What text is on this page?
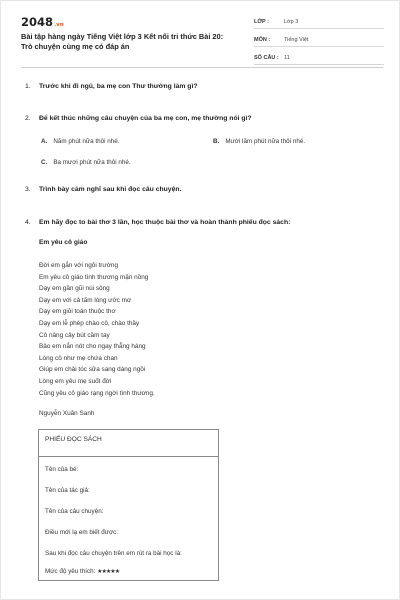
2048.vn
Bài tập hàng ngày Tiếng Việt lớp 3 Kết nối tri thức Bài 20:
Trò chuyện cùng mẹ có đáp án
LỚP :	Lớp 3
MÔN :	Tiếng Việt
SỐ CÂU : 11
1.	Trước khi đi ngủ, ba mẹ con Thư thường làm gì?
2.	Để kết thúc những câu chuyện của ba mẹ con, mẹ thường nói gì?
A. Năm phút nữa thôi nhé.	B. Mười lăm phút nữa thôi nhé.
C. Ba mươi phút nữa thôi nhé.
3.	Trình bày cảm nghĩ sau khi đọc câu chuyện.
4.	Em hãy đọc to bài thơ 3 lần, học thuộc bài thơ và hoàn thành phiếu đọc sách:
Em yêu cô giáo
Đời em gắn với ngôi trường
Em yêu cô giáo tình thương mặn nồng
Dạy em gần gũi núi sông
Dạy em với cả tấm lòng ước mơ
Dạy em giỏi toán thuộc thơ
Dạy em lễ phép chào cô, chào thầy
Cô nâng cây bút cầm tay
Bảo em nắn nót cho ngay thẳng hàng
Lòng cô như mẹ chứa chan
Giúp em chải tóc sửa sang dáng ngồi
Lòng em yêu mẹ suốt đời
Cũng yêu cô giáo rạng ngời tình thương.
Nguyễn Xuân Sanh
PHIẾU ĐỌC SÁCH
Tên của bé:
Tên của tác giả:
Tên của câu chuyện:
Điều mới lạ em biết được:
Sau khi đọc câu chuyện trên em rút ra bài học là:
Mức độ yêu thích: ★★★★★
